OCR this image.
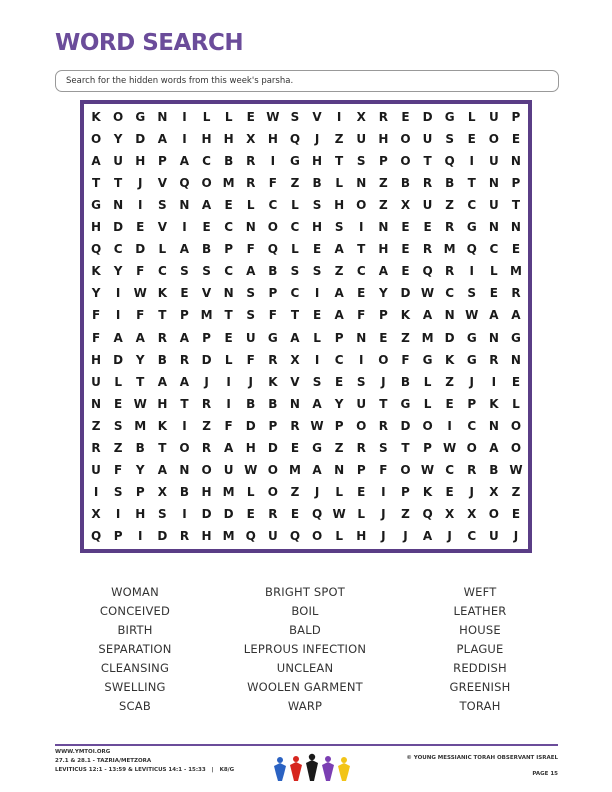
WORD SEARCH
Search for the hidden words from this week's parsha.
K	O	G	N	I	L	L	E W S	V	I	X	R	E	D	G	L	U	P
O	Y	D	A	I	H	H	X	H Q	J	Z	U	H O	U	S	E	O	E
A	U	H	P	A	C	B	R	I	G	H	T	S	P	O	T	Q	I	U	N
T	T	J	V	Q O M R	F	Z	B	L	N	Z	B	R	B	T	N	P
G	N	I	S	N	A	E	L	C	L	S	H O	Z	X	U	Z	C	U	T
H	D	E	V	I	E	C	N O	C	H	S	I	N	E	E	R	G	N	N
Q	C	D	L	A	B	P	F	Q	L	E	A	T	H	E	R M Q	C	E
K	Y	F	C	S	S	C	A	B	S	S	Z	C	A	E	Q	R	I	L	M
Y	I	W K	E	V	N	S	P	C	I	A	E	Y	D W C	S	E	R
F	I	F	T	P M	T	S	F	T	E	A	F	P	K	A	N W A	A
F	A	A	R	A	P	E	U	G	A	L	P	N	E	Z M D	G	N	G
H	D	Y	B	R	D	L	F	R	X	I	C	I	O	F	G	K	G	R	N
U	L	T	A	A	J	I	J	K	V	S	E	S	J	B	L	Z	J	I	E
N	E W H	T	R	I	B	B	N	A	Y	U	T	G	L	E	P	K	L
Z	S M K	I	Z	F	D	P	R W P	O	R	D	O	I	C	N O
R	Z	B	T	O	R	A	H	D	E	G	Z	R	S	T	P W O	A	O
U	F	Y	A	N O	U W O M A	N	P	F	O W C	R	B W
I	S	P	X	B	H M	L	O	Z	J	L	E	I	P	K	E	J	X	Z
X	I	H	S	I	D	D	E	R	E	Q W L	J	Z	Q	X	X	O	E
Q	P	I	D	R	H M Q	U	Q O	L	H	J	J	A	J	C	U	J
WOMAN
CONCEIVED
BIRTH
SEPARATION
CLEANSING
SWELLING
SCAB
BRIGHT SPOT
BOIL
BALD
LEPROUS INFECTION
UNCLEAN
WOOLEN GARMENT
WARP
WEFT
LEATHER
HOUSE
PLAGUE
REDDISH
GREENISH
TORAH
WWW.YMTOI.ORG
27.1 & 28.1 - TAZRIA/METZORA
LEVITICUS 12:1 - 13:59 & LEVITICUS 14:1 - 15:33 | K8/G
© YOUNG MESSIANIC TORAH OBSERVANT ISRAEL
PAGE 15
